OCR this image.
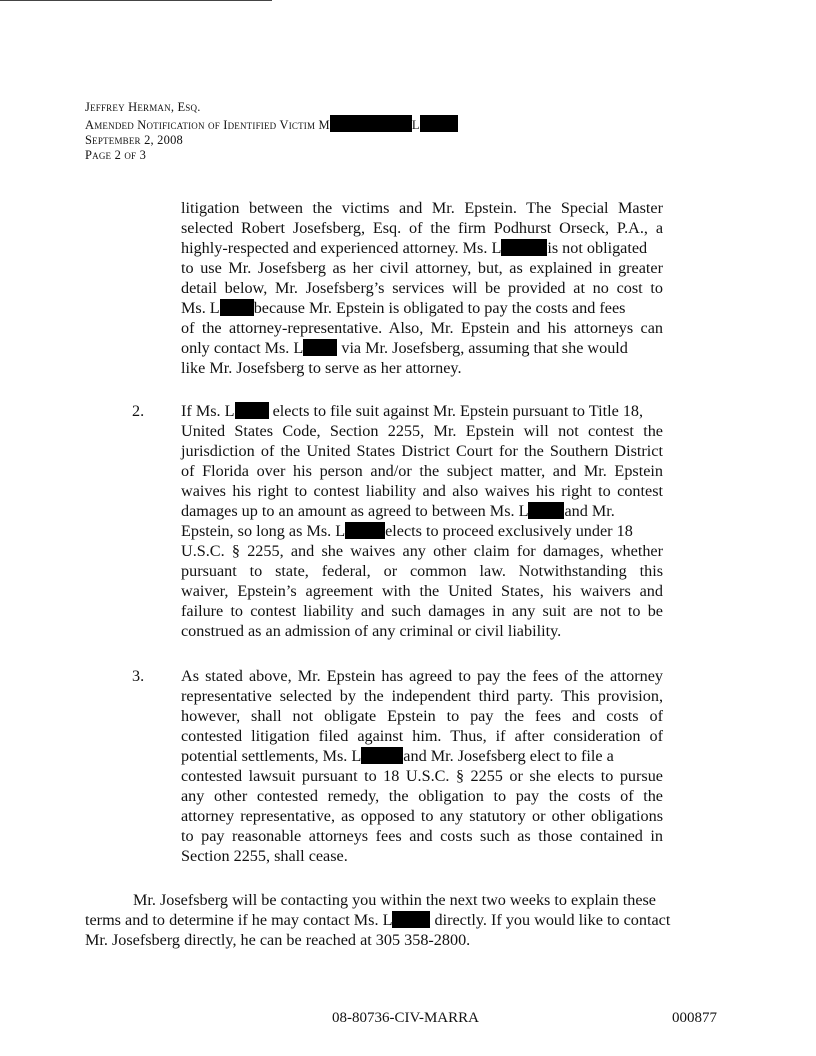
Jeffrey Herman, Esq.
Amended Notification of Identified Victim M	L
September 2, 2008
Page 2 of 3
litigation between the victims and Mr. Epstein. The Special Master
selected Robert Josefsberg, Esq. of the firm Podhurst Orseck, P.A., a
highly-respected and experienced attorney. Ms. L	is not obligated
to use Mr. Josefsberg as her civil attorney, but, as explained in greater
detail below, Mr. Josefsberg’s services will be provided at no cost to
Ms. L because Mr. Epstein is obligated to pay the costs and fees
of the attorney-representative. Also, Mr. Epstein and his attorneys can
only contact Ms. L via Mr. Josefsberg, assuming that she would
like Mr. Josefsberg to serve as her attorney.
2. If Ms. L elects to file suit against Mr. Epstein pursuant to Title 18,
United States Code, Section 2255, Mr. Epstein will not contest the
jurisdiction of the United States District Court for the Southern District
of Florida over his person and/or the subject matter, and Mr. Epstein
waives his right to contest liability and also waives his right to contest
damages up to an amount as agreed to between Ms. L and Mr.
Epstein, so long as Ms. L elects to proceed exclusively under 18
U.S.C. § 2255, and she waives any other claim for damages, whether
pursuant to state, federal, or common law. Notwithstanding this
waiver, Epstein’s agreement with the United States, his waivers and
failure to contest liability and such damages in any suit are not to be
construed as an admission of any criminal or civil liability.
3. As stated above, Mr. Epstein has agreed to pay the fees of the attorney
representative selected by the independent third party. This provision,
however, shall not obligate Epstein to pay the fees and costs of
contested litigation filed against him. Thus, if after consideration of
potential settlements, Ms. L	and Mr. Josefsberg elect to file a
contested lawsuit pursuant to 18 U.S.C. § 2255 or she elects to pursue
any other contested remedy, the obligation to pay the costs of the
attorney representative, as opposed to any statutory or other obligations
to pay reasonable attorneys fees and costs such as those contained in
Section 2255, shall cease.
Mr. Josefsberg will be contacting you within the next two weeks to explain these
terms and to determine if he may contact Ms. L directly. If you would like to contact
Mr. Josefsberg directly, he can be reached at 305 358-2800.
08-80736-CIV-MARRA	000877
